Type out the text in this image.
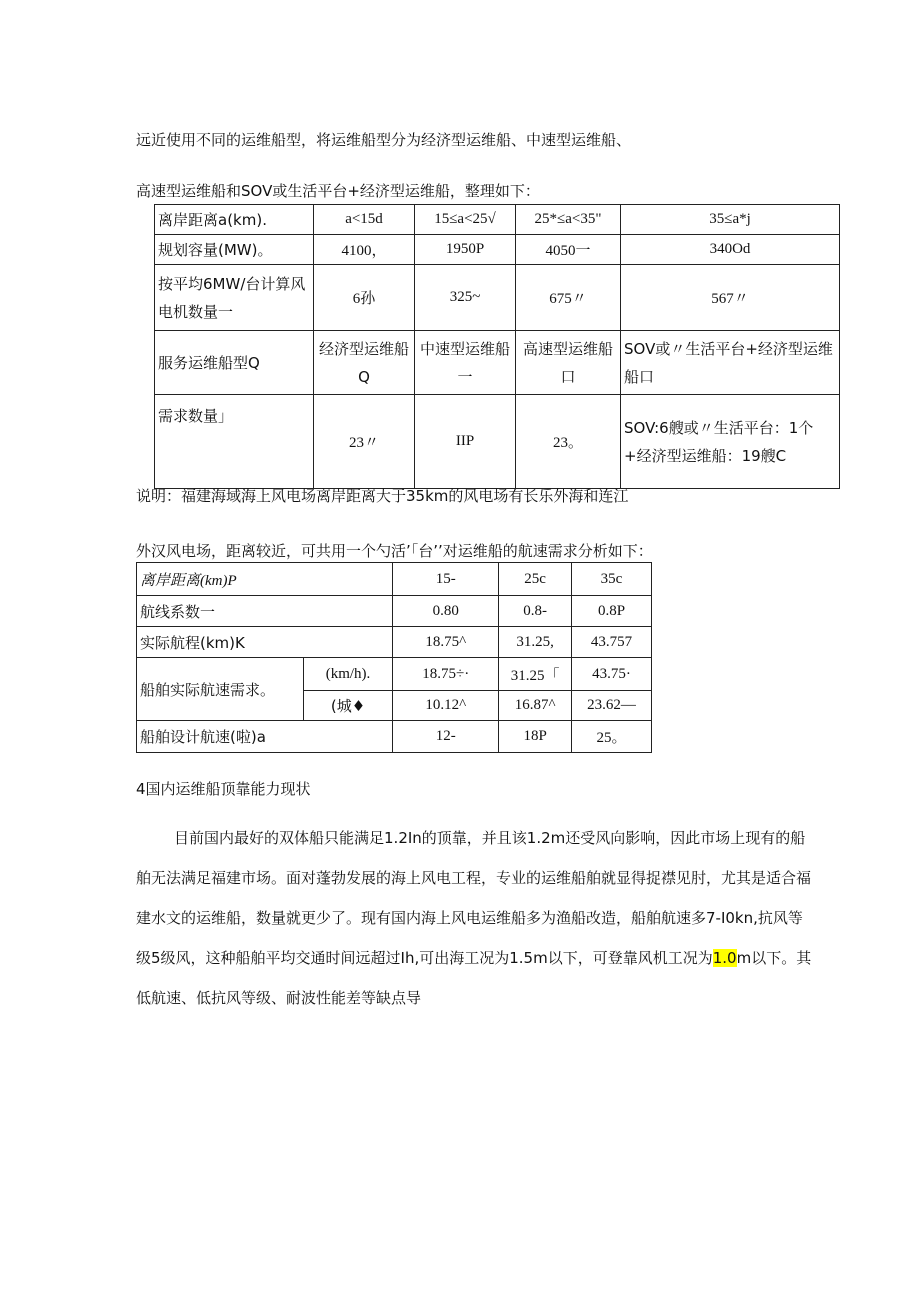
远近使用不同的运维船型，将运维船型分为经济型运维船、中速型运维船、
高速型运维船和SOV或生活平台+经济型运维船，整理如下：
离岸距离a(km).	a<15d	15≤a<25√	25*≤a<35"	35≤a*j
规划容量(MW)。	4100，	1950P	4050一	340Od
按平均6MW/台计算风电机数量一	6孙	325~	675〃	567〃
服务运维船型Q	经济型运维船Q	中速型运维船一	高速型运维船口	SOV或〃生活平台+经济型运维船口
需求数量」	23〃	IIP	23。	SOV:6艘或〃生活平台：1个+经济型运维船：19艘C
说明：福建海域海上风电场离岸距离大于35km的风电场有长乐外海和连江
外汉风电场，距离较近，可共用一个勺活’「台’’对运维船的航速需求分析如下：
离岸距离(km)P		15-	25c	35c
航线系数一		0.80	0.8-	0.8P
实际航程(km)K		18.75^	31.25,	43.757
船舶实际航速需求。	(km/h).	18.75÷·	31.25「	43.75·
	(城♦	10.12^	16.87^	23.62—
船舶设计航速(啦)a		12-	18P	25。
4国内运维船顶靠能力现状

目前国内最好的双体船只能满足1.2In的顶靠，并且该1.2m还受风向影响，因此市场上现有的船舶无法满足福建市场。面对蓬勃发展的海上风电工程，专业的运维船舶就显得捉襟见肘，尤其是适合福建水文的运维船，数量就更少了。现有国内海上风电运维船多为渔船改造，船舶航速多7-I0kn,抗风等级5级风，这种船舶平均交通时间远超过Ih,可出海工况为1.5m以下，可登靠风机工况为1.0m以下。其低航速、低抗风等级、耐波性能差等缺点导
